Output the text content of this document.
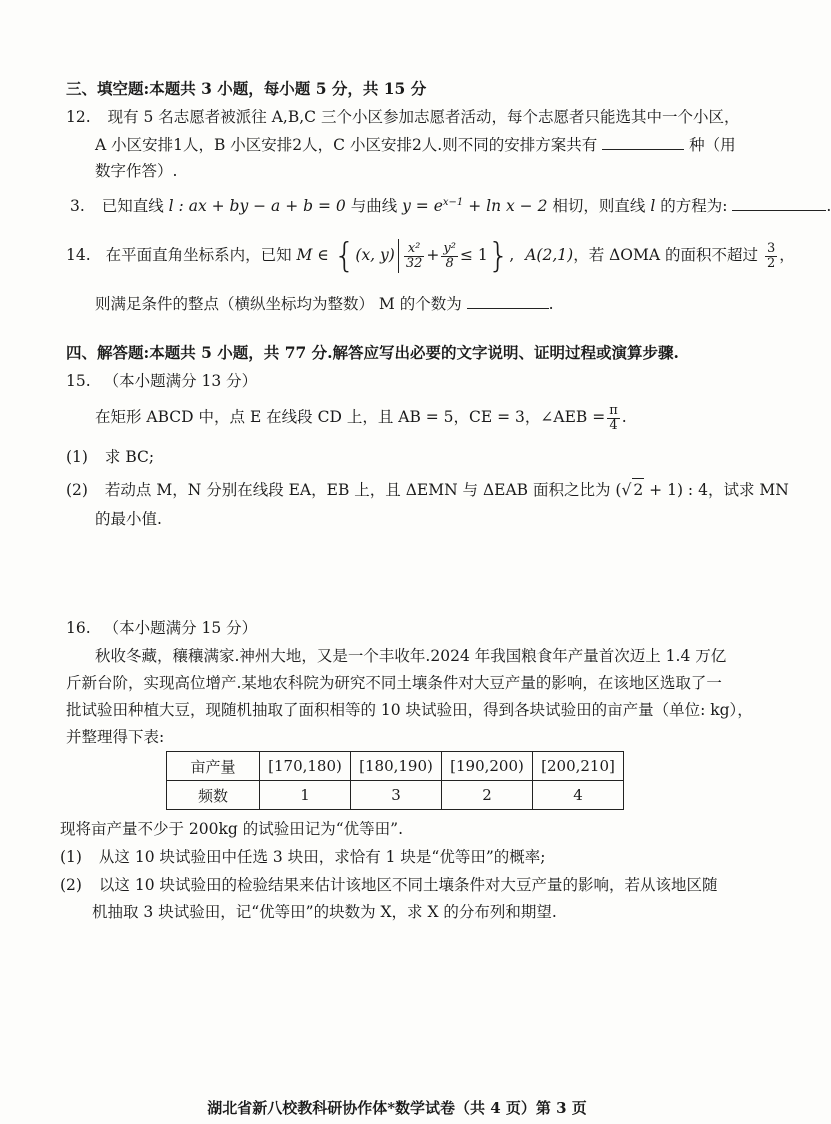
三、填空题:本题共 3 小题，每小题 5 分，共 15 分
12. 现有 5 名志愿者被派往 A,B,C 三个小区参加志愿者活动，每个志愿者只能选其中一个小区，
A 小区安排1人，B 小区安排2人，C 小区安排2人.则不同的安排方案共有	种（用
数字作答）.
3. 已知直线 l : ax + by − a + b = 0 与曲线 $y = e^{x-1} + \ln x - 2$ 相切，则直线 l 的方程为:	.
14. 在平面直角坐标系内，已知 M ∈ {(x, $y) \frac{\text{x²}}{32} + \frac{\text{y²}}{8} \le 1$}, A(2,1)，若 ΔOMA 的面积不超过 $\frac{3}{2}$ ，
则满足条件的整点（横纵坐标均为整数） M 的个数为	.
四、解答题:本题共 5 小题，共 77 分.解答应写出必要的文字说明、证明过程或演算步骤.
15. （本小题满分 13 分）
在矩形 ABCD 中，点 E 在线段 CD 上，且 AB = 5，CE = 3，∠AEB = $\frac{\pi}{4}$ .
(1) 求 BC;
(2) 若动点 M，N 分别在线段 EA，EB 上，且 ΔEMN 与 ΔEAB 面积之比为 (√ 2 + 1) : 4，试求 MN
的最小值.
16. （本小题满分 15 分）
秋收冬藏，穰穰满家.神州大地，又是一个丰收年.2024 年我国粮食年产量首次迈上 1.4 万亿
斤新台阶，实现高位增产.某地农科院为研究不同土壤条件对大豆产量的影响，在该地区选取了一
批试验田种植大豆，现随机抽取了面积相等的 10 块试验田，得到各块试验田的亩产量（单位: kg），
并整理得下表:
亩产量	[170,180)	[180,190)	[190,200)	[200,210]
频数	1	3	2	4
现将亩产量不少于 200kg 的试验田记为“优等田”.
(1) 从这 10 块试验田中任选 3 块田，求恰有 1 块是“优等田”的概率;
(2) 以这 10 块试验田的检验结果来估计该地区不同土壤条件对大豆产量的影响，若从该地区随
机抽取 3 块试验田，记“优等田”的块数为 X，求 X 的分布列和期望.
湖北省新八校教科研协作体*数学试卷（共 4 页）第 3 页
